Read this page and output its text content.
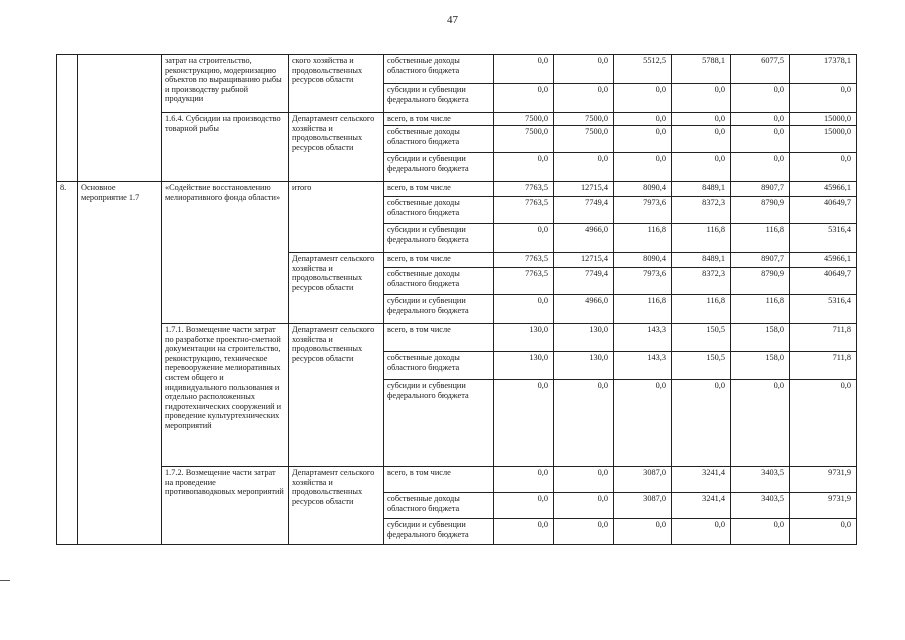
47
		затрат на строительство, реконструкцию, модернизацию объектов по выращиванию рыбы и производству рыбной продукции	ского хозяйства и продовольственных ресурсов области	собственные доходы областного бюджета	0,0	0,0	5512,5	5788,1	6077,5	17378,1
				субсидии и субвенции федерального бюджета	0,0	0,0	0,0	0,0	0,0	0,0
		1.6.4. Субсидии на производство товарной рыбы	Департамент сельского хозяйства и продовольственных ресурсов области	всего, в том числе	7500,0	7500,0	0,0	0,0	0,0	15000,0
				собственные доходы областного бюджета	7500,0	7500,0	0,0	0,0	0,0	15000,0
				субсидии и субвенции федерального бюджета	0,0	0,0	0,0	0,0	0,0	0,0
8.	Основное мероприятие 1.7	«Содействие восстановлению мелиоративного фонда области»	итого	всего, в том числе	7763,5	12715,4	8090,4	8489,1	8907,7	45966,1
				собственные доходы областного бюджета	7763,5	7749,4	7973,6	8372,3	8790,9	40649,7
				субсидии и субвенции федерального бюджета	0,0	4966,0	116,8	116,8	116,8	5316,4
			Департамент сельского хозяйства и продовольственных ресурсов области	всего, в том числе	7763,5	12715,4	8090,4	8489,1	8907,7	45966,1
				собственные доходы областного бюджета	7763,5	7749,4	7973,6	8372,3	8790,9	40649,7
				субсидии и субвенции федерального бюджета	0,0	4966,0	116,8	116,8	116,8	5316,4
		1.7.1. Возмещение части затрат по разработке проектно-сметной документации на строительство, реконструкцию, техническое перевооружение мелиоративных систем общего и индивидуального пользования и отдельно расположенных гидротехнических сооружений и проведение культуртехнических мероприятий	Департамент сельского хозяйства и продовольственных ресурсов области	всего, в том числе	130,0	130,0	143,3	150,5	158,0	711,8
				собственные доходы областного бюджета	130,0	130,0	143,3	150,5	158,0	711,8
				субсидии и субвенции федерального бюджета	0,0	0,0	0,0	0,0	0,0	0,0
		1.7.2. Возмещение части затрат на проведение противопаводковых мероприятий	Департамент сельского хозяйства и продовольственных ресурсов области	всего, в том числе	0,0	0,0	3087,0	3241,4	3403,5	9731,9
				собственные доходы областного бюджета	0,0	0,0	3087,0	3241,4	3403,5	9731,9
				субсидии и субвенции федерального бюджета	0,0	0,0	0,0	0,0	0,0	0,0
